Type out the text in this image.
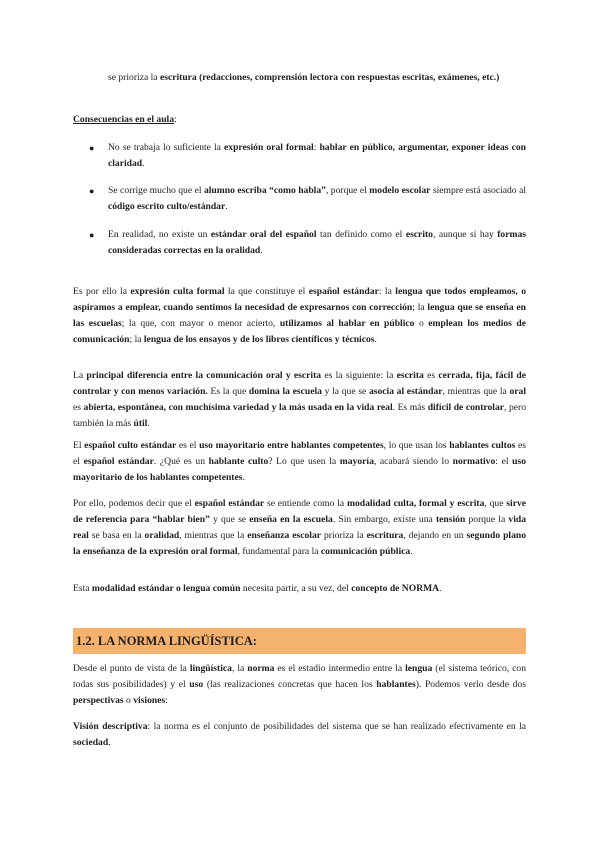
se prioriza la escritura (redacciones, comprensión lectora con respuestas escritas, exámenes, etc.)

Consecuencias en el aula:

● No se trabaja lo suficiente la expresión oral formal: hablar en público, argumentar, exponer ideas con claridad.

● Se corrige mucho que el alumno escriba “como habla”, porque el modelo escolar siempre está asociado al código escrito culto/estándar.

● En realidad, no existe un estándar oral del español tan definido como el escrito, aunque sí hay formas consideradas correctas en la oralidad.

Es por ello la expresión culta formal la que constituye el español estándar: la lengua que todos empleamos, o aspiramos a emplear, cuando sentimos la necesidad de expresarnos con corrección; la lengua que se enseña en las escuelas; la que, con mayor o menor acierto, utilizamos al hablar en público o emplean los medios de comunicación; la lengua de los ensayos y de los libros científicos y técnicos.

La principal diferencia entre la comunicación oral y escrita es la siguiente: la escrita es cerrada, fija, fácil de controlar y con menos variación. Es la que domina la escuela y la que se asocia al estándar, mientras que la oral es abierta, espontánea, con muchísima variedad y la más usada en la vida real. Es más difícil de controlar, pero también la más útil.

El español culto estándar es el uso mayoritario entre hablantes competentes, lo que usan los hablantes cultos es el español estándar. ¿Qué es un hablante culto? Lo que usen la mayoría, acabará siendo lo normativo: el uso mayoritario de los hablantes competentes.

Por ello, podemos decir que el español estándar se entiende como la modalidad culta, formal y escrita, que sirve de referencia para “hablar bien” y que se enseña en la escuela. Sin embargo, existe una tensión porque la vida real se basa en la oralidad, mientras que la enseñanza escolar prioriza la escritura, dejando en un segundo plano la enseñanza de la expresión oral formal, fundamental para la comunicación pública.

Esta modalidad estándar o lengua común necesita partir, a su vez, del concepto de NORMA.

1.2. LA NORMA LINGÜÍSTICA:

Desde el punto de vista de la lingüística, la norma es el estadio intermedio entre la lengua (el sistema teórico, con todas sus posibilidades) y el uso (las realizaciones concretas que hacen los hablantes). Podemos verlo desde dos perspectivas o visiones:

Visión descriptiva: la norma es el conjunto de posibilidades del sistema que se han realizado efectivamente en la sociedad.
